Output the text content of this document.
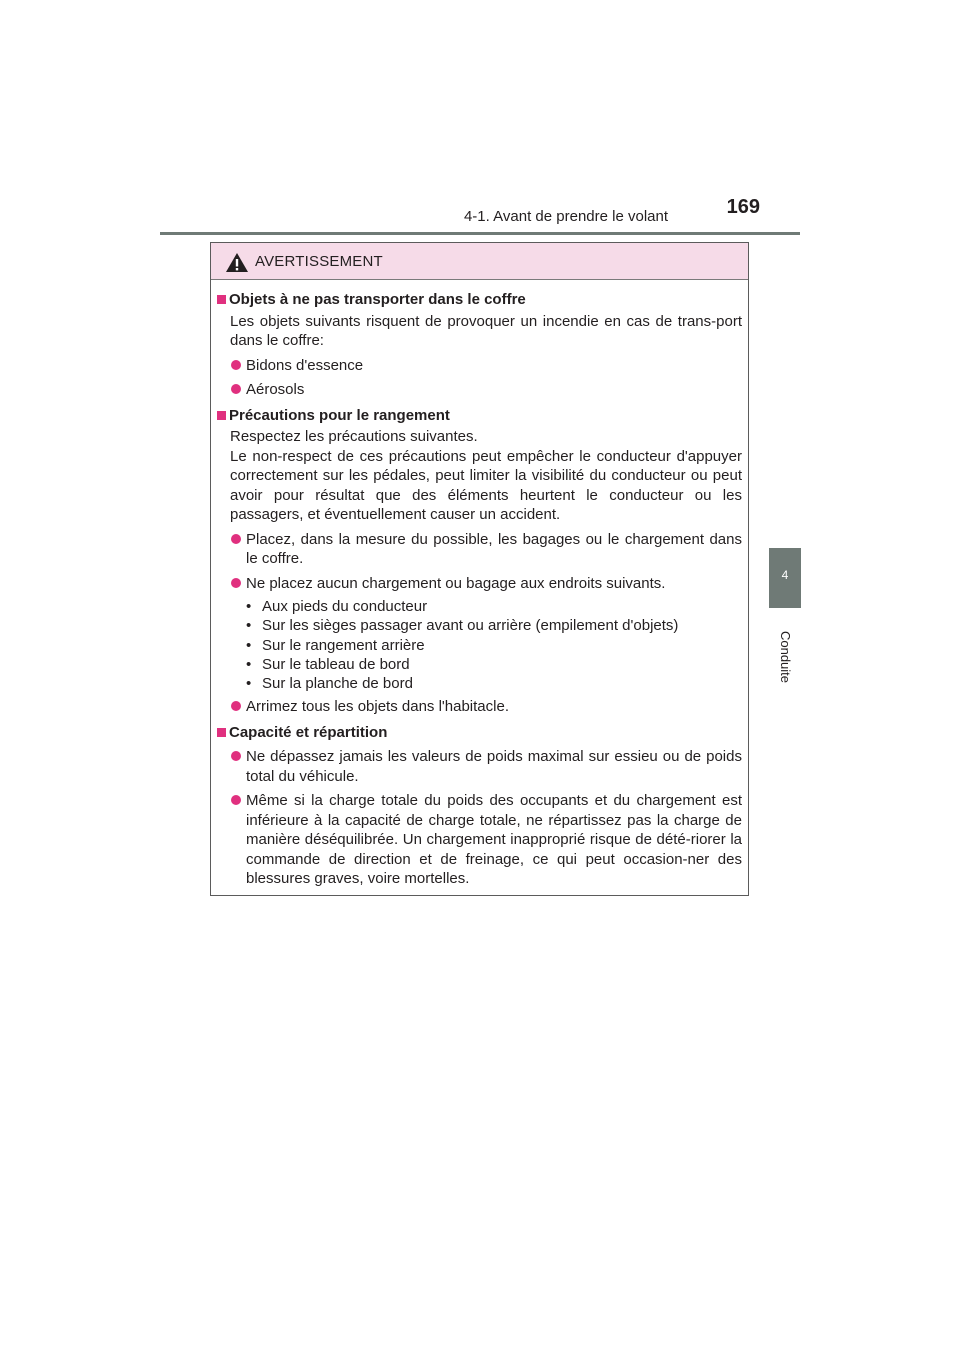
4-1. Avant de prendre le volant	169
4
Conduite
AVERTISSEMENT
Objets à ne pas transporter dans le coffre
Les objets suivants risquent de provoquer un incendie en cas de trans-port dans le coffre:
Bidons d'essence
Aérosols
Précautions pour le rangement
Respectez les précautions suivantes.
Le non-respect de ces précautions peut empêcher le conducteur d'appuyer correctement sur les pédales, peut limiter la visibilité du conducteur ou peut avoir pour résultat que des éléments heurtent le conducteur ou les passagers, et éventuellement causer un accident.
Placez, dans la mesure du possible, les bagages ou le chargement dans le coffre.
Ne placez aucun chargement ou bagage aux endroits suivants.
• Aux pieds du conducteur
• Sur les sièges passager avant ou arrière (empilement d'objets)
• Sur le rangement arrière
• Sur le tableau de bord
• Sur la planche de bord
Arrimez tous les objets dans l'habitacle.
Capacité et répartition
Ne dépassez jamais les valeurs de poids maximal sur essieu ou de poids total du véhicule.
Même si la charge totale du poids des occupants et du chargement est inférieure à la capacité de charge totale, ne répartissez pas la charge de manière déséquilibrée. Un chargement inapproprié risque de dété-riorer la commande de direction et de freinage, ce qui peut occasion-ner des blessures graves, voire mortelles.
